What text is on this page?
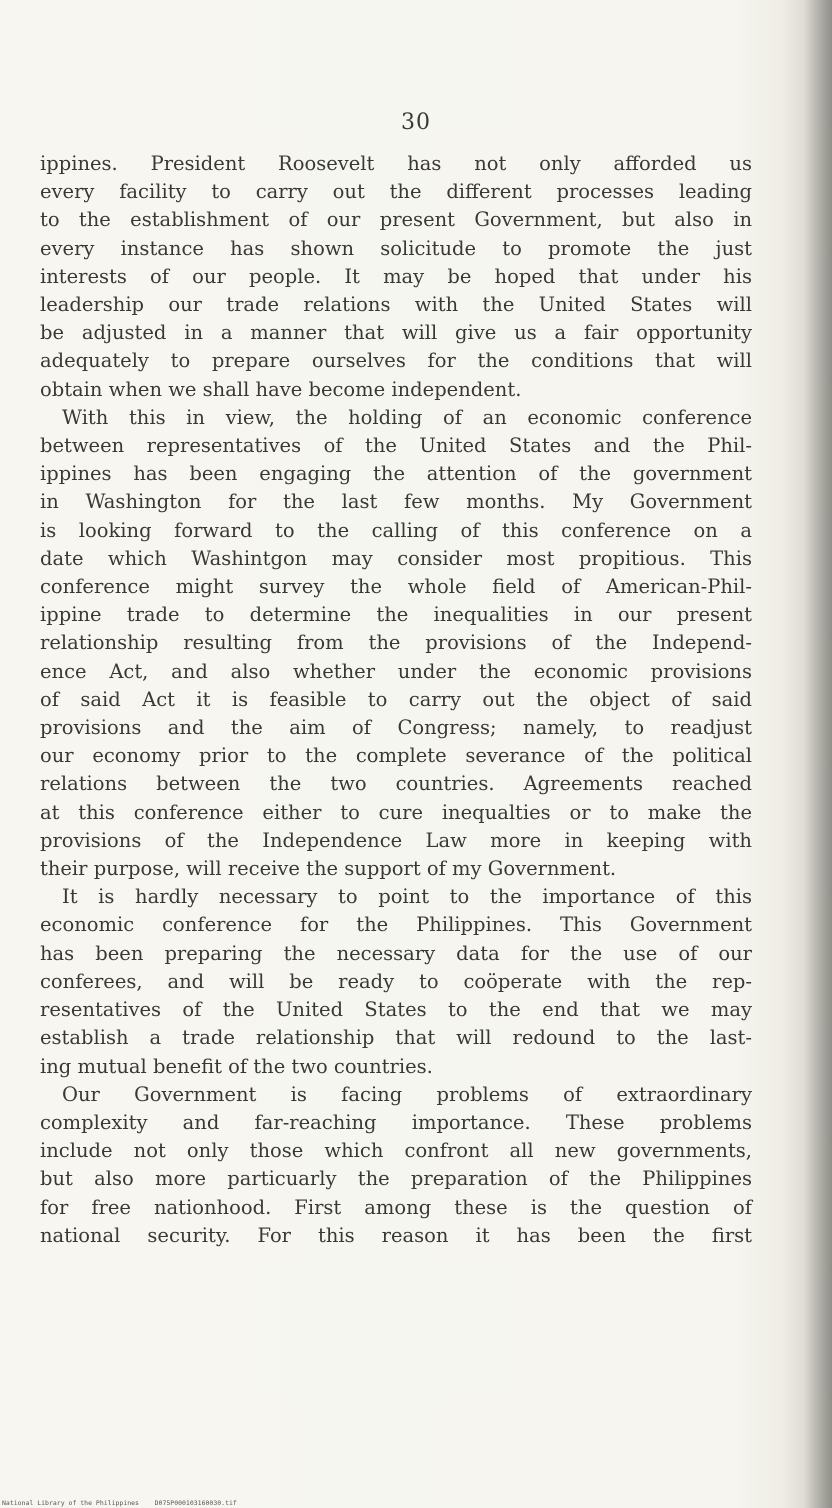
30

ippines. President Roosevelt has not only afforded us
every facility to carry out the different processes leading
to the establishment of our present Government, but also in
every instance has shown solicitude to promote the just
interests of our people. It may be hoped that under his
leadership our trade relations with the United States will
be adjusted in a manner that will give us a fair opportunity
adequately to prepare ourselves for the conditions that will
obtain when we shall have become independent.

With this in view, the holding of an economic conference
between representatives of the United States and the Phil-
ippines has been engaging the attention of the government
in Washington for the last few months. My Government
is looking forward to the calling of this conference on a
date which Washintgon may consider most propitious. This
conference might survey the whole field of American-Phil-
ippine trade to determine the inequalities in our present
relationship resulting from the provisions of the Independ-
ence Act, and also whether under the economic provisions
of said Act it is feasible to carry out the object of said
provisions and the aim of Congress; namely, to readjust
our economy prior to the complete severance of the political
relations between the two countries. Agreements reached
at this conference either to cure inequalties or to make the
provisions of the Independence Law more in keeping with
their purpose, will receive the support of my Government.

It is hardly necessary to point to the importance of this
economic conference for the Philippines. This Government
has been preparing the necessary data for the use of our
conferees, and will be ready to coöperate with the rep-
resentatives of the United States to the end that we may
establish a trade relationship that will redound to the last-
ing mutual benefit of the two countries.

Our Government is facing problems of extraordinary
complexity and far-reaching importance. These problems
include not only those which confront all new governments,
but also more particuarly the preparation of the Philippines
for free nationhood. First among these is the question of
national security. For this reason it has been the first

National Library of the Philippines D075P000103160030.tif
